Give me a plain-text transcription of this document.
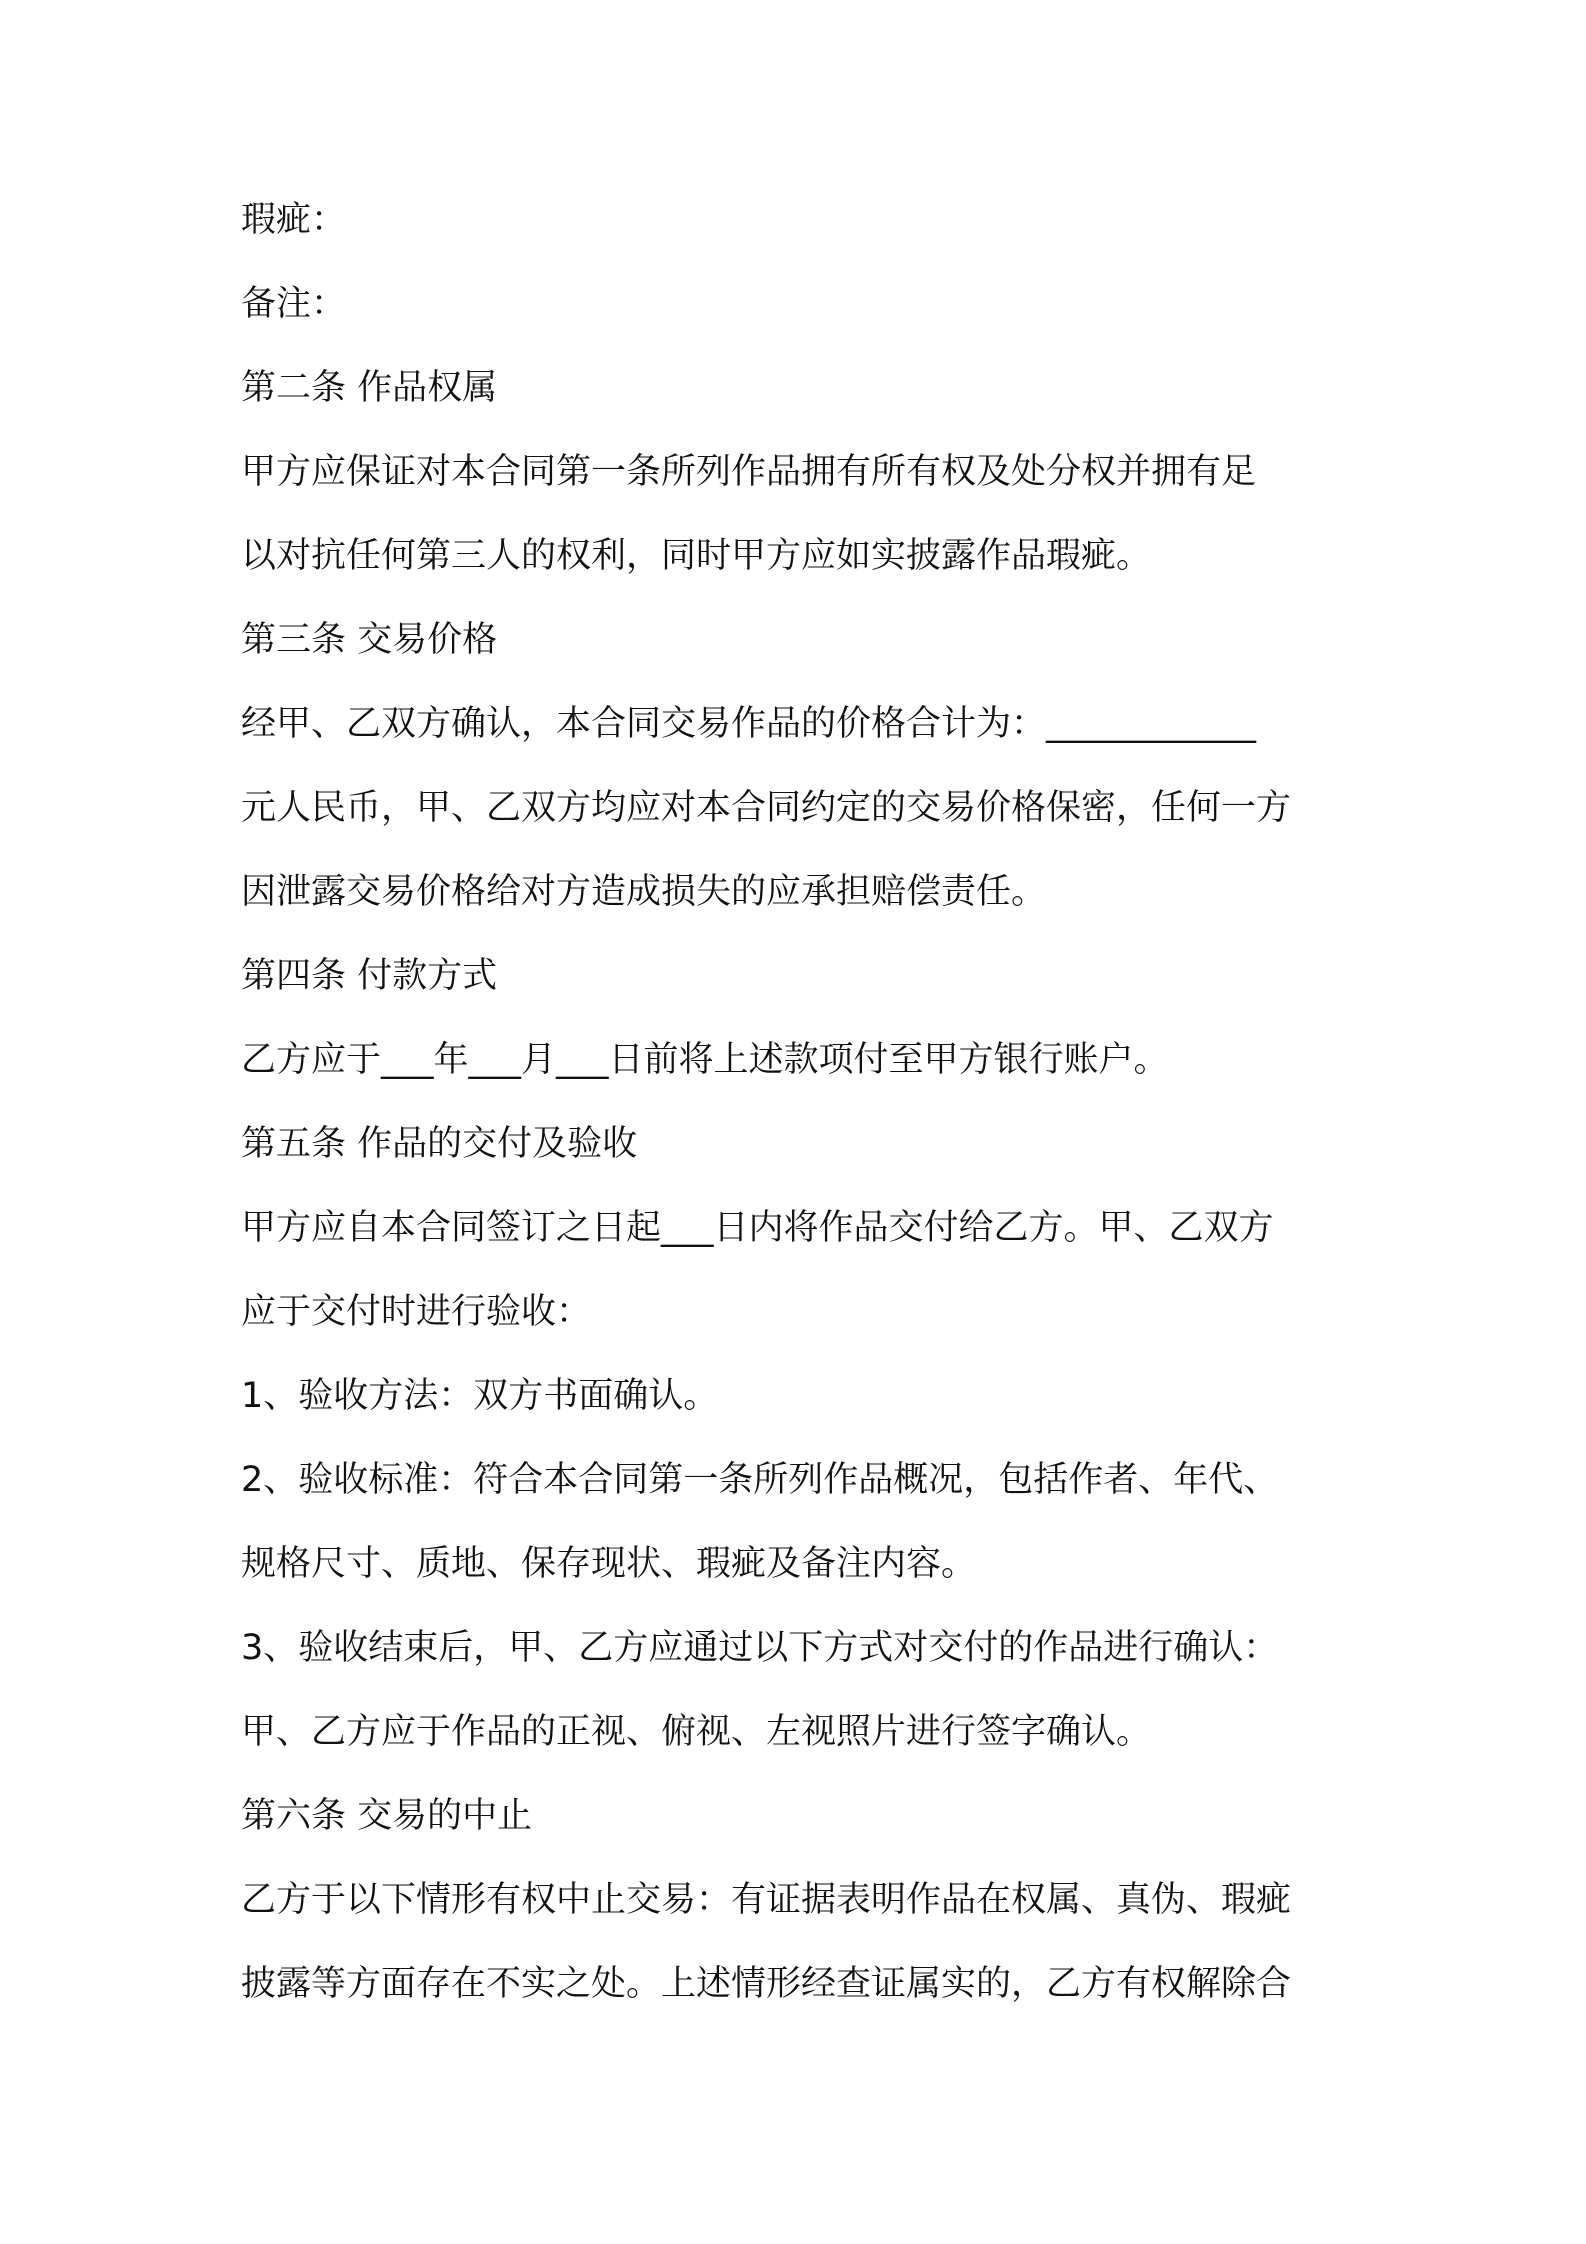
瑕疵：
备注：
第二条 作品权属
甲方应保证对本合同第一条所列作品拥有所有权及处分权并拥有足
以对抗任何第三人的权利，同时甲方应如实披露作品瑕疵。
第三条 交易价格
经甲、乙双方确认，本合同交易作品的价格合计为：____________
元人民币，甲、乙双方均应对本合同约定的交易价格保密，任何一方
因泄露交易价格给对方造成损失的应承担赔偿责任。
第四条 付款方式
乙方应于___年___月___日前将上述款项付至甲方银行账户。
第五条 作品的交付及验收
甲方应自本合同签订之日起___日内将作品交付给乙方。甲、乙双方
应于交付时进行验收：
1、验收方法：双方书面确认。
2、验收标准：符合本合同第一条所列作品概况，包括作者、年代、
规格尺寸、质地、保存现状、瑕疵及备注内容。
3、验收结束后，甲、乙方应通过以下方式对交付的作品进行确认：
甲、乙方应于作品的正视、俯视、左视照片进行签字确认。
第六条 交易的中止
乙方于以下情形有权中止交易：有证据表明作品在权属、真伪、瑕疵
披露等方面存在不实之处。上述情形经查证属实的，乙方有权解除合
